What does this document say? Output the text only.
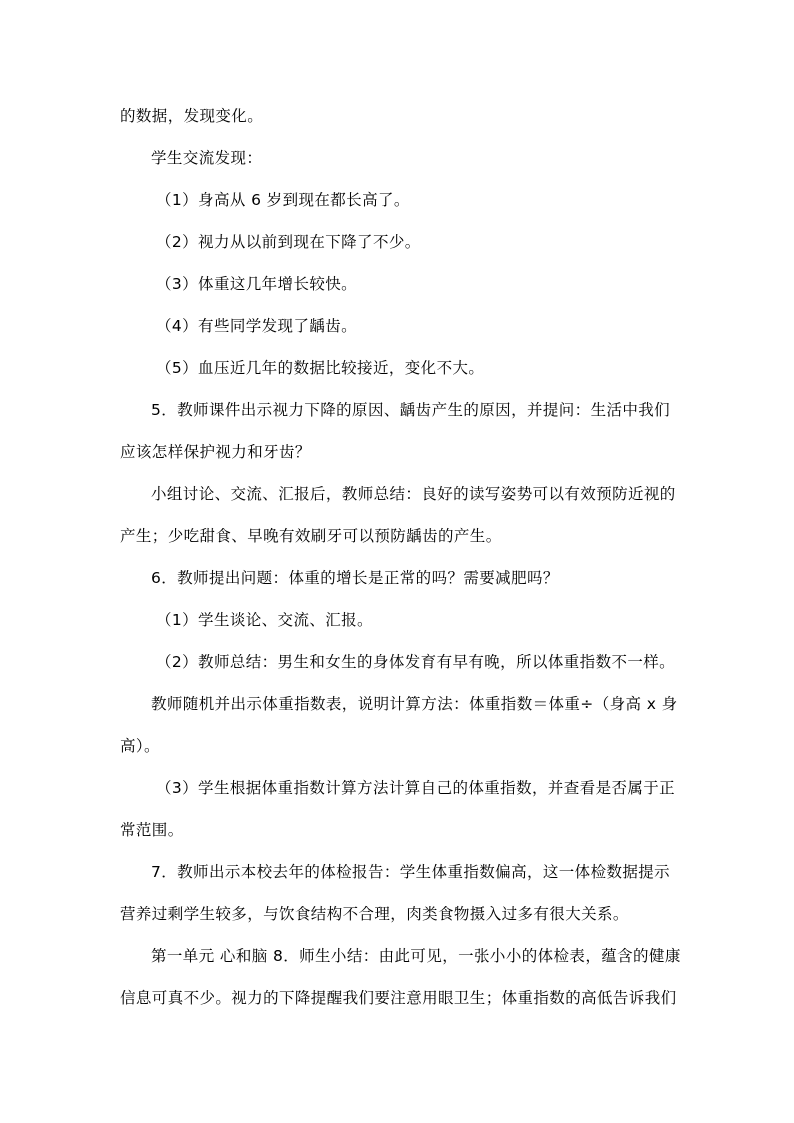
的数据，发现变化。
学生交流发现：
（1）身高从 6 岁到现在都长高了。
（2）视力从以前到现在下降了不少。
（3）体重这几年增长较快。
（4）有些同学发现了龋齿。
（5）血压近几年的数据比较接近，变化不大。
5．教师课件出示视力下降的原因、龋齿产生的原因，并提问：生活中我们
应该怎样保护视力和牙齿？
小组讨论、交流、汇报后，教师总结：良好的读写姿势可以有效预防近视的
产生；少吃甜食、早晚有效刷牙可以预防龋齿的产生。
6．教师提出问题：体重的增长是正常的吗？需要减肥吗？
（1）学生谈论、交流、汇报。
（2）教师总结：男生和女生的身体发育有早有晚，所以体重指数不一样。
教师随机并出示体重指数表，说明计算方法：体重指数＝体重÷（身高 x 身
高）。
（3）学生根据体重指数计算方法计算自己的体重指数，并查看是否属于正
常范围。
7．教师出示本校去年的体检报告：学生体重指数偏高，这一体检数据提示
营养过剩学生较多，与饮食结构不合理，肉类食物摄入过多有很大关系。
第一单元 心和脑 8．师生小结：由此可见，一张小小的体检表，蕴含的健康
信息可真不少。视力的下降提醒我们要注意用眼卫生；体重指数的高低告诉我们
